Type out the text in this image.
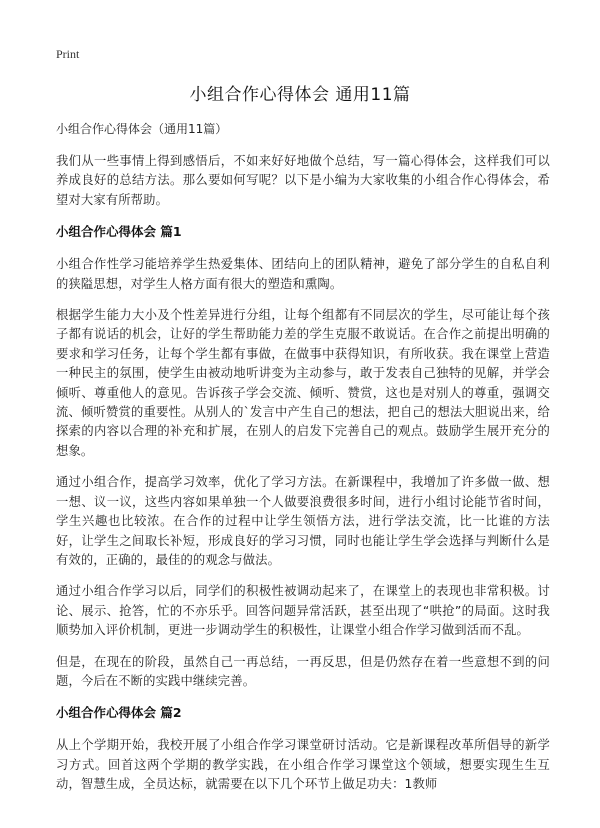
Print
小组合作心得体会 通用11篇

小组合作心得体会（通用11篇）

我们从一些事情上得到感悟后，不如来好好地做个总结，写一篇心得体会，这样我们可以养成良好的总结方法。那么要如何写呢？以下是小编为大家收集的小组合作心得体会，希望对大家有所帮助。

小组合作心得体会 篇1

小组合作性学习能培养学生热爱集体、团结向上的团队精神，避免了部分学生的自私自利的狭隘思想，对学生人格方面有很大的塑造和熏陶。

根据学生能力大小及个性差异进行分组，让每个组都有不同层次的学生，尽可能让每个孩子都有说话的机会，让好的学生帮助能力差的学生克服不敢说话。在合作之前提出明确的要求和学习任务，让每个学生都有事做，在做事中获得知识，有所收获。我在课堂上营造一种民主的氛围，使学生由被动地听讲变为主动参与，敢于发表自己独特的见解，并学会倾听、尊重他人的意见。告诉孩子学会交流、倾听、赞赏，这也是对别人的尊重，强调交流、倾听赞赏的重要性。从别人的`发言中产生自己的想法，把自己的想法大胆说出来，给探索的内容以合理的补充和扩展，在别人的启发下完善自己的观点。鼓励学生展开充分的想象。

通过小组合作，提高学习效率，优化了学习方法。在新课程中，我增加了许多做一做、想一想、议一议，这些内容如果单独一个人做要浪费很多时间，进行小组讨论能节省时间，学生兴趣也比较浓。在合作的过程中让学生领悟方法，进行学法交流，比一比谁的方法好，让学生之间取长补短，形成良好的学习习惯，同时也能让学生学会选择与判断什么是有效的，正确的，最佳的的观念与做法。

通过小组合作学习以后，同学们的积极性被调动起来了，在课堂上的表现也非常积极。讨论、展示、抢答，忙的不亦乐乎。回答问题异常活跃，甚至出现了“哄抢”的局面。这时我顺势加入评价机制，更进一步调动学生的积极性，让课堂小组合作学习做到活而不乱。

但是，在现在的阶段，虽然自己一再总结，一再反思，但是仍然存在着一些意想不到的问题，今后在不断的实践中继续完善。

小组合作心得体会 篇2

从上个学期开始，我校开展了小组合作学习课堂研讨活动。它是新课程改革所倡导的新学习方式。回首这两个学期的教学实践，在小组合作学习课堂这个领域，想要实现生生互动，智慧生成，全员达标，就需要在以下几个环节上做足功夫：1教师
